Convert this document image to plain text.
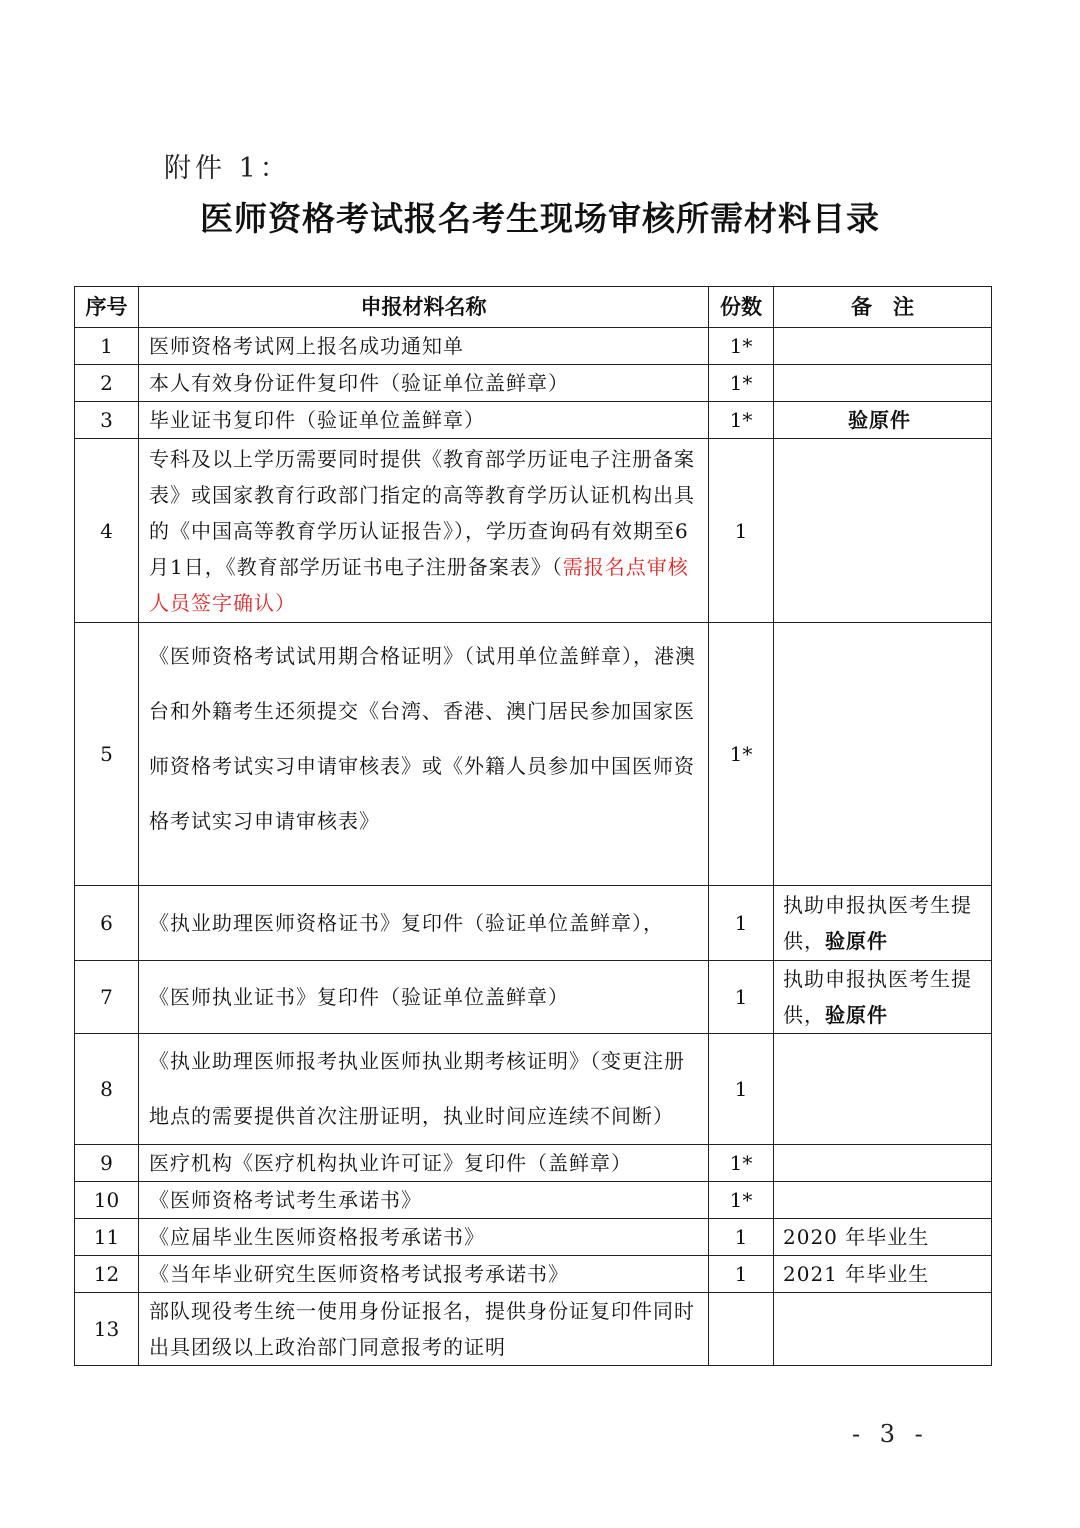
附件 1：
医师资格考试报名考生现场审核所需材料目录
序号	申报材料名称	份数	备　注
1	医师资格考试网上报名成功通知单	1*	
2	本人有效身份证件复印件（验证单位盖鲜章）	1*	
3	毕业证书复印件（验证单位盖鲜章）	1*	验原件
4	专科及以上学历需要同时提供《教育部学历证电子注册备案表》或国家教育行政部门指定的高等教育学历认证机构出具的《中国高等教育学历认证报告》），学历查询码有效期至6月1日，《教育部学历证书电子注册备案表》（需报名点审核人员签字确认）	1	
5	《医师资格考试试用期合格证明》（试用单位盖鲜章），港澳台和外籍考生还须提交《台湾、香港、澳门居民参加国家医师资格考试实习申请审核表》或《外籍人员参加中国医师资格考试实习申请审核表》	1*	
6	《执业助理医师资格证书》复印件（验证单位盖鲜章），	1	执助申报执医考生提供，验原件
7	《医师执业证书》复印件（验证单位盖鲜章）	1	执助申报执医考生提供，验原件
8	《执业助理医师报考执业医师执业期考核证明》（变更注册地点的需要提供首次注册证明，执业时间应连续不间断）	1	
9	医疗机构《医疗机构执业许可证》复印件（盖鲜章）	1*	
10	《医师资格考试考生承诺书》	1*	
11	《应届毕业生医师资格报考承诺书》	1	2020 年毕业生
12	《当年毕业研究生医师资格考试报考承诺书》	1	2021 年毕业生
13	部队现役考生统一使用身份证报名，提供身份证复印件同时出具团级以上政治部门同意报考的证明		
- 3 -
